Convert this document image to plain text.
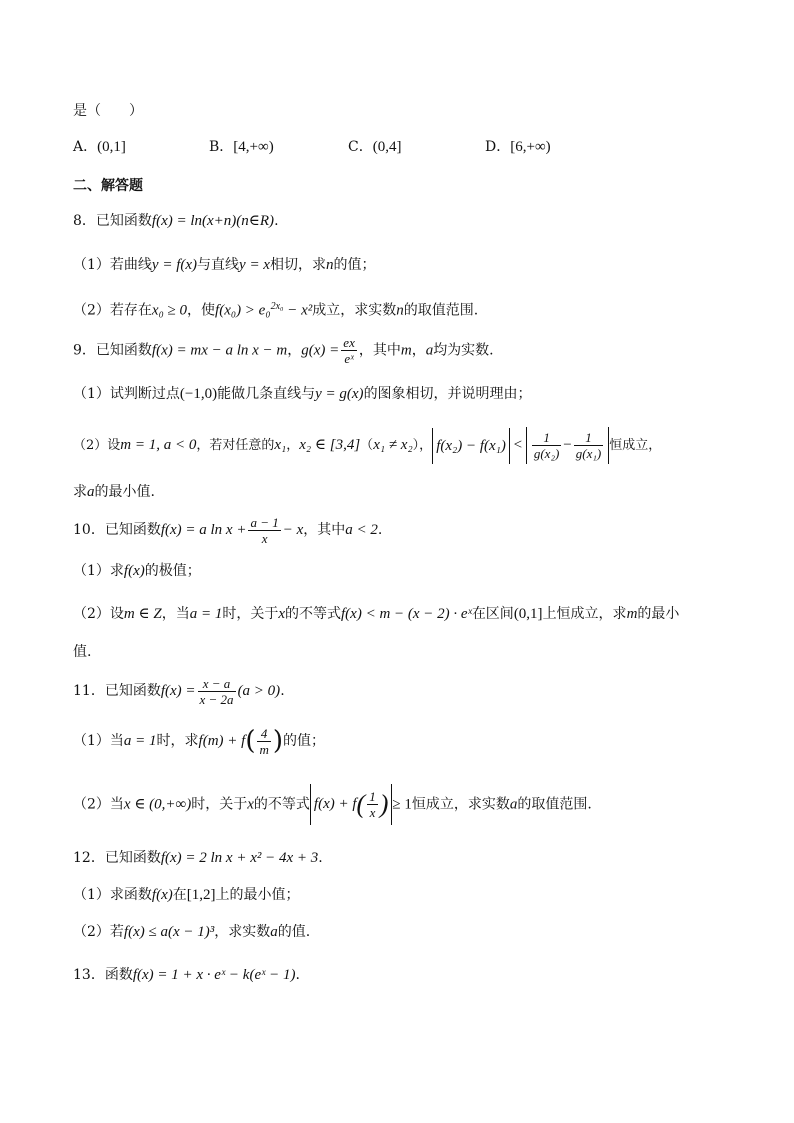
是（　　）
A．(0,1]	B．[4,+∞)	C．(0,4]	D．[6,+∞)
二、解答题
8．已知函数f(x) = ln(x+n)(n∈R).
（1）若曲线y = f(x)与直线y = x相切，求n的值；
（2）若存在x₀ ≥ 0，使f(x₀) > e₀$^{2x_0}$ − x²成立，求实数n的取值范围.
9．已知函数f(x) = mx − a ln x − m，$g(x) = \frac{ex}{\text{eˣ}}$ ，其中m，a均为实数.
（1）试判断过点(−1,0)能做几条直线与y = g(x)的图象相切，并说明理由；
（2）设m = 1, a < 0，若对任意的x₁，x₂ ∈ [3,4]（x₁ ≠ x₂）， $f(x_2) - f(x_1) < \frac{1}{\text{g(x₂)}} - \frac{1}{\text{g(x₁)}}$ 恒成立，
求a的最小值.
10．已知函数f(x) = a $\ln x + \frac{a - 1}{x} - x$，其中a < 2.
（1）求f(x)的极值；
（2）设m ∈ Z，当a = 1时，关于x的不等式f(x) < m − (x − 2) · eˣ在区间(0,1]上恒成立，求m的最小
值.
11．已知函数$f(x) = \frac{x - a}{x - 2a} (a > 0)$.
（1）当a = 1时，求$f(m) + f( \frac{4}{m}$ )的值；
（2）当x ∈ (0,+∞)时，关于x的不等式 $f(x) + f( \frac{1}{x}$ ) ≥ 1恒成立，求实数a的取值范围.
12．已知函数f(x) = 2 ln x + x² − 4x + 3.
（1）求函数f(x)在[1,2]上的最小值；
（2）若f(x) ≤ a(x − 1)³，求实数a的值.
13．函数f(x) = 1 + x · eˣ − k(eˣ − 1).
